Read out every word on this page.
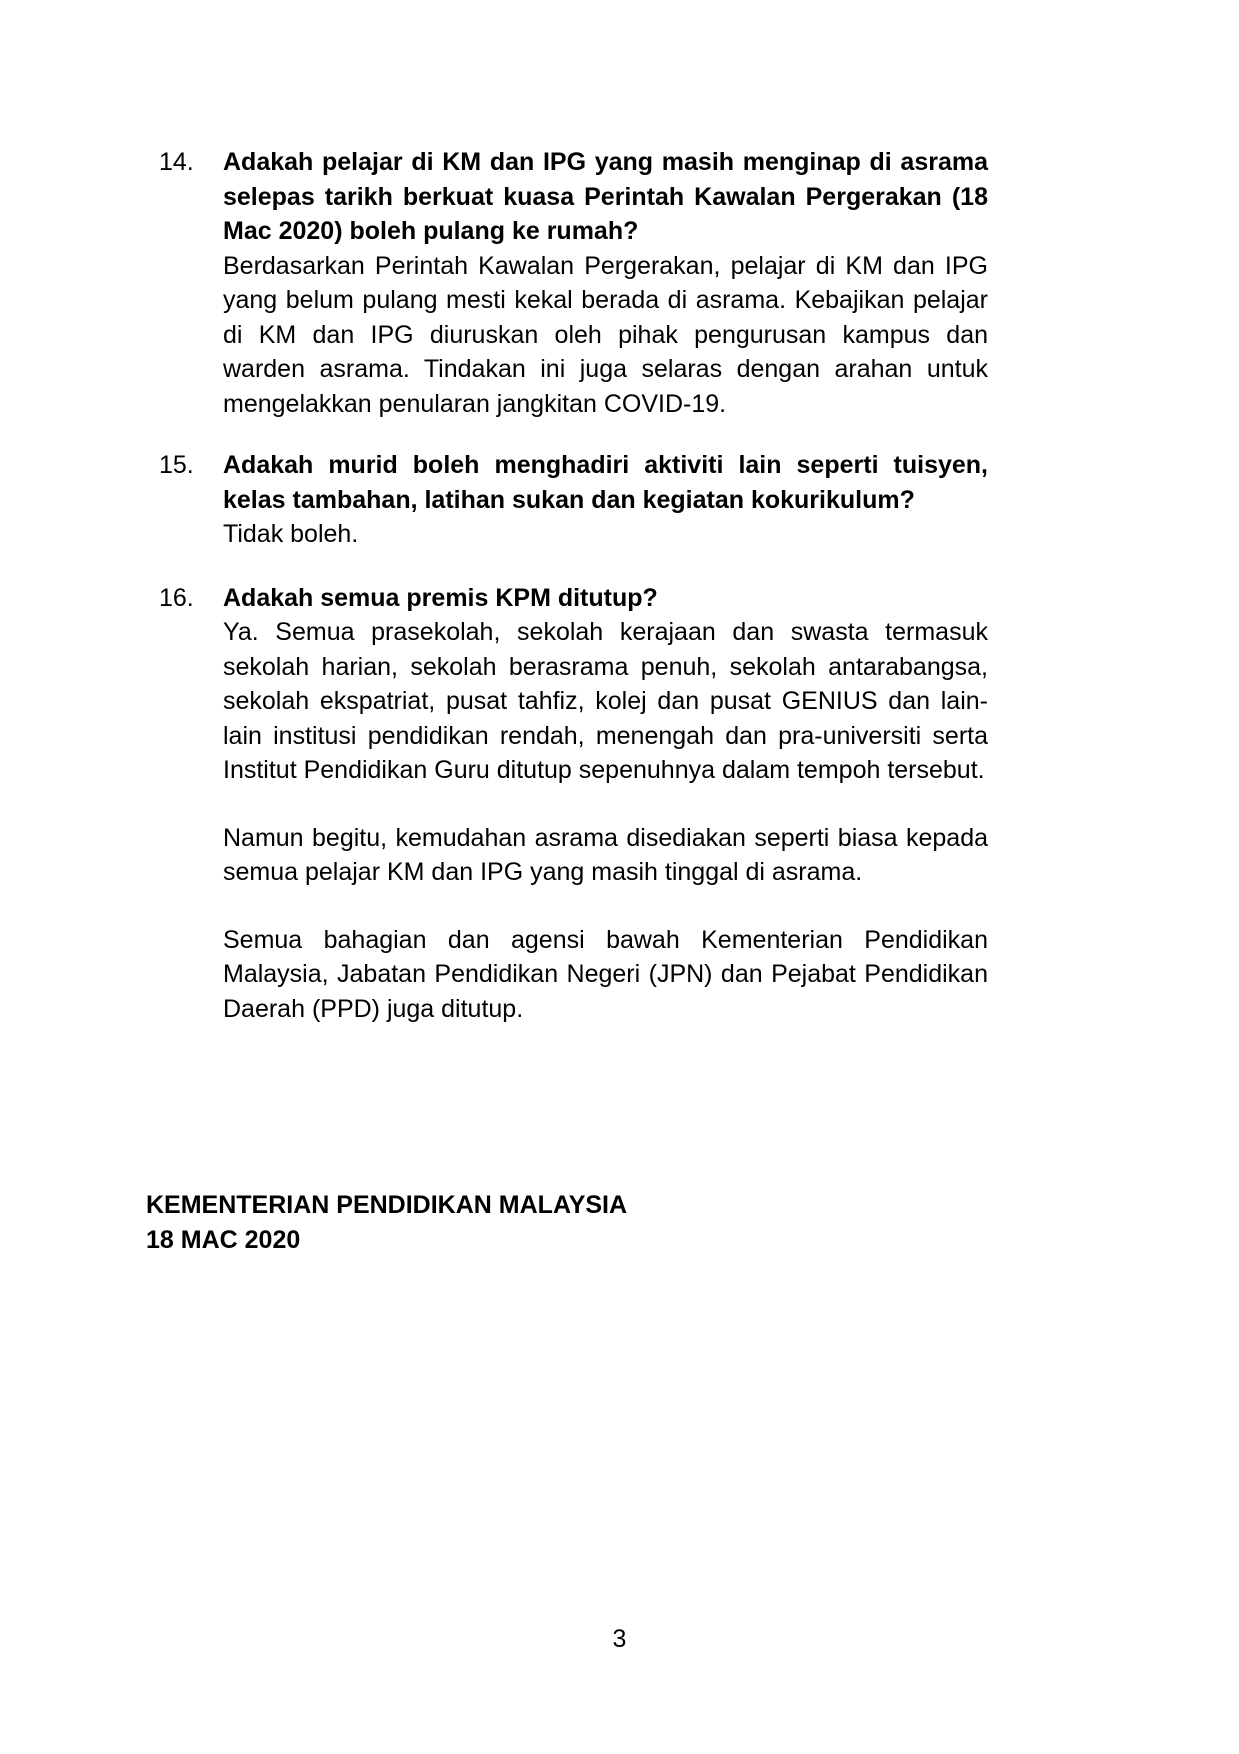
14.	Adakah pelajar di KM dan IPG yang masih menginap di asrama selepas tarikh berkuat kuasa Perintah Kawalan Pergerakan (18 Mac 2020) boleh pulang ke rumah?

Berdasarkan Perintah Kawalan Pergerakan, pelajar di KM dan IPG yang belum pulang mesti kekal berada di asrama. Kebajikan pelajar di KM dan IPG diuruskan oleh pihak pengurusan kampus dan warden asrama. Tindakan ini juga selaras dengan arahan untuk mengelakkan penularan jangkitan COVID-19.

15.	Adakah murid boleh menghadiri aktiviti lain seperti tuisyen, kelas tambahan, latihan sukan dan kegiatan kokurikulum?

Tidak boleh.

16.	Adakah semua premis KPM ditutup?

Ya. Semua prasekolah, sekolah kerajaan dan swasta termasuk sekolah harian, sekolah berasrama penuh, sekolah antarabangsa, sekolah ekspatriat, pusat tahfiz, kolej dan pusat GENIUS dan lain-lain institusi pendidikan rendah, menengah dan pra-universiti serta Institut Pendidikan Guru ditutup sepenuhnya dalam tempoh tersebut.

Namun begitu, kemudahan asrama disediakan seperti biasa kepada semua pelajar KM dan IPG yang masih tinggal di asrama.

Semua bahagian dan agensi bawah Kementerian Pendidikan Malaysia, Jabatan Pendidikan Negeri (JPN) dan Pejabat Pendidikan Daerah (PPD) juga ditutup.

KEMENTERIAN PENDIDIKAN MALAYSIA
18 MAC 2020
3
